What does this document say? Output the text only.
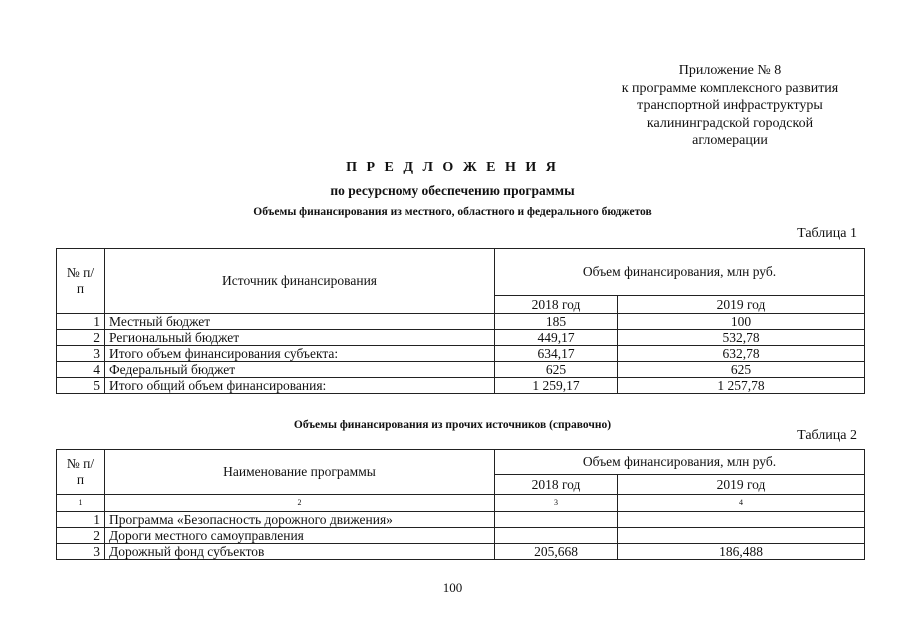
Приложение № 8
к программе комплексного развития
транспортной инфраструктуры
калининградской городской
агломерации
П Р Е Д Л О Ж Е Н И Я
по ресурсному обеспечению программы
Объемы финансирования из местного, областного и федерального бюджетов
Таблица 1
№ п/п	Источник финансирования	Объем финансирования, млн руб.	
		2018 год	2019 год
1	Местный бюджет	185	100
2	Региональный бюджет	449,17	532,78
3	Итого объем финансирования субъекта:	634,17	632,78
4	Федеральный бюджет	625	625
5	Итого общий объем финансирования:	1 259,17	1 257,78
Объемы финансирования из прочих источников (справочно)
Таблица 2
№ п/п	Наименование программы	Объем финансирования, млн руб.	
		2018 год	2019 год
1	2	3	4
1	Программа «Безопасность дорожного движения»		
2	Дороги местного самоуправления		
3	Дорожный фонд субъектов	205,668	186,488
100
